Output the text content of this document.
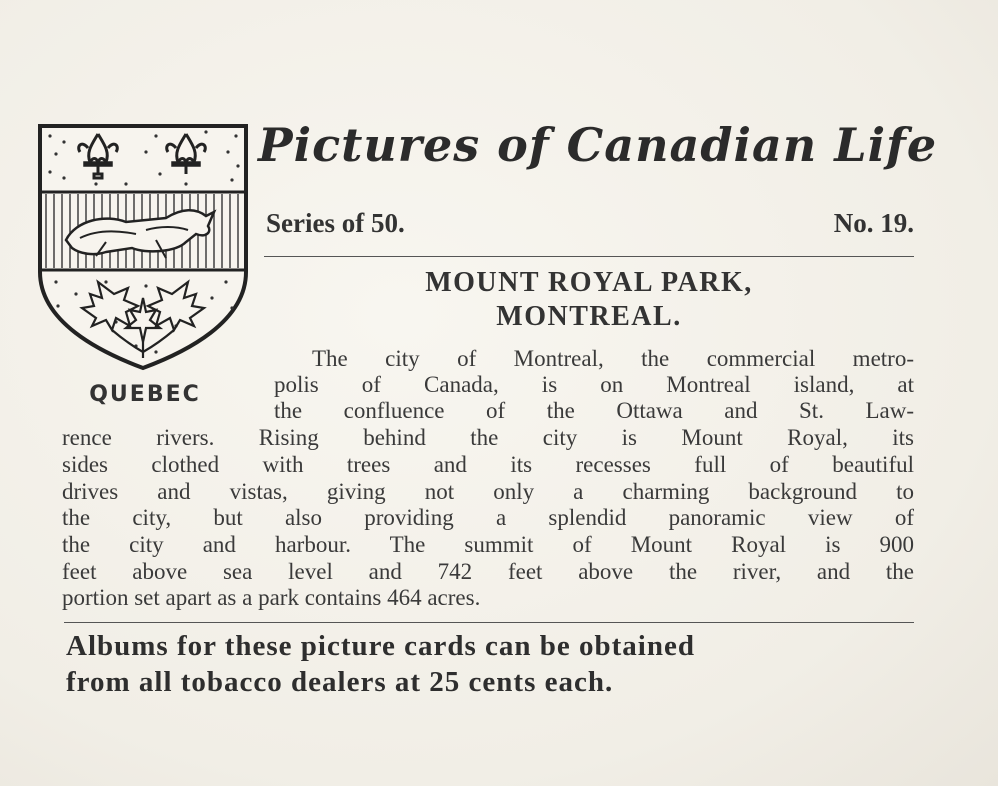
QUEBEC
Pictures of Canadian Life
Series of 50.	No. 19.
MOUNT ROYAL PARK,
MONTREAL.
The city of Montreal, the commercial metro-
polis of Canada, is on Montreal island, at
the confluence of the Ottawa and St. Law-
rence rivers. Rising behind the city is Mount Royal, its
sides clothed with trees and its recesses full of beautiful
drives and vistas, giving not only a charming background to
the city, but also providing a splendid panoramic view of
the city and harbour. The summit of Mount Royal is 900
feet above sea level and 742 feet above the river, and the
portion set apart as a park contains 464 acres.
Albums for these picture cards can be obtained
from all tobacco dealers at 25 cents each.
